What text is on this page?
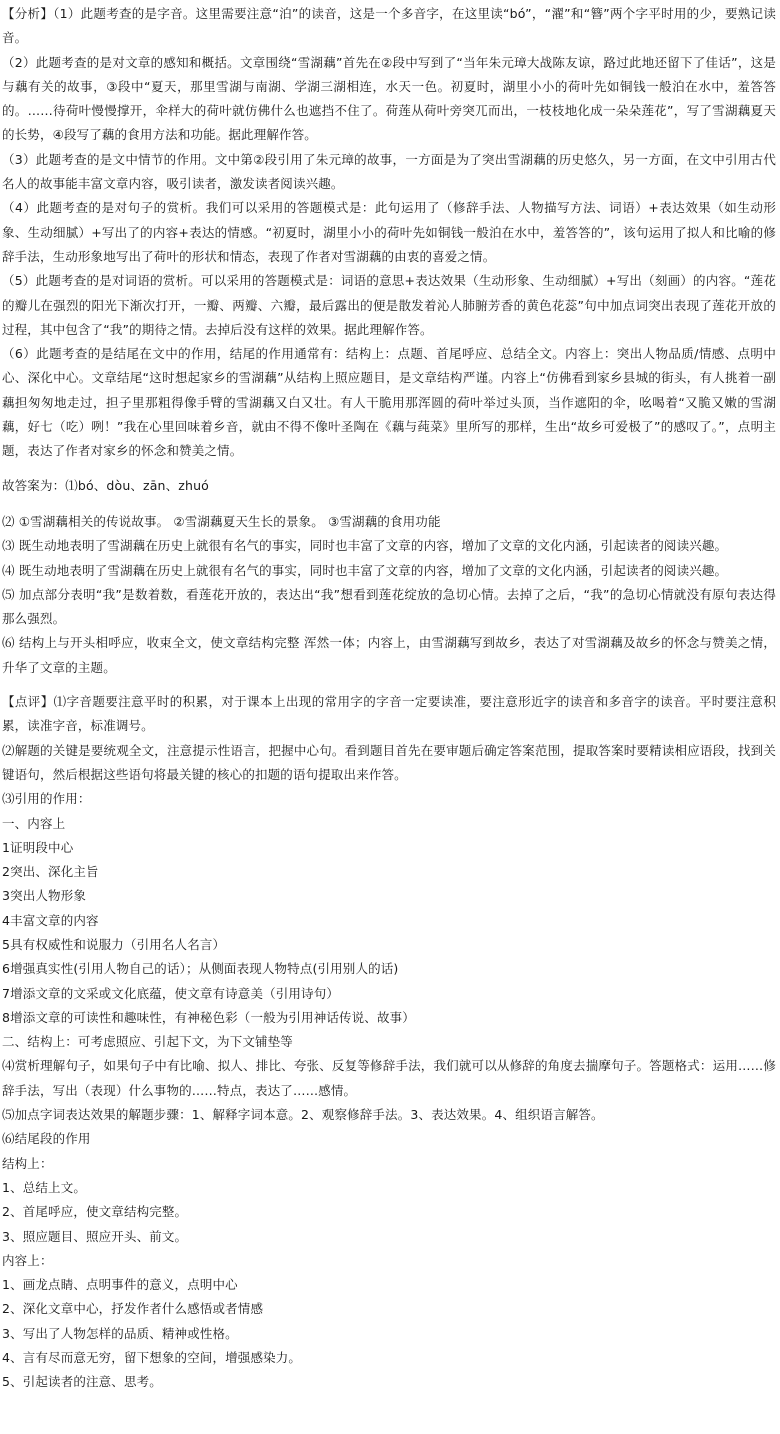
【分析】（1）此题考查的是字音。这里需要注意“泊”的读音，这是一个多音字，在这里读“bó”，“濯”和“簪”两个字平时用的少，要熟记读音。

（2）此题考查的是对文章的感知和概括。文章围绕“雪湖藕”首先在②段中写到了“当年朱元璋大战陈友谅，路过此地还留下了佳话”，这是与藕有关的故事，③段中“夏天，那里雪湖与南湖、学湖三湖相连，水天一色。初夏时，湖里小小的荷叶先如铜钱一般泊在水中，羞答答的。……待荷叶慢慢撑开，伞样大的荷叶就仿佛什么也遮挡不住了。荷莲从荷叶旁突兀而出，一枝枝地化成一朵朵莲花”，写了雪湖藕夏天的长势，④段写了藕的食用方法和功能。据此理解作答。

（3）此题考查的是文中情节的作用。文中第②段引用了朱元璋的故事，一方面是为了突出雪湖藕的历史悠久，另一方面，在文中引用古代名人的故事能丰富文章内容，吸引读者，激发读者阅读兴趣。

（4）此题考查的是对句子的赏析。我们可以采用的答题模式是：此句运用了（修辞手法、人物描写方法、词语）+表达效果（如生动形象、生动细腻）+写出了的内容+表达的情感。“初夏时，湖里小小的荷叶先如铜钱一般泊在水中，羞答答的”，该句运用了拟人和比喻的修辞手法，生动形象地写出了荷叶的形状和情态，表现了作者对雪湖藕的由衷的喜爱之情。

（5）此题考查的是对词语的赏析。可以采用的答题模式是：词语的意思+表达效果（生动形象、生动细腻）+写出（刻画）的内容。“莲花的瓣儿在强烈的阳光下渐次打开，一瓣、两瓣、六瓣，最后露出的便是散发着沁人肺腑芳香的黄色花蕊”句中加点词突出表现了莲花开放的过程，其中包含了“我”的期待之情。去掉后没有这样的效果。据此理解作答。

（6）此题考查的是结尾在文中的作用，结尾的作用通常有：结构上：点题、首尾呼应、总结全文。内容上：突出人物品质/情感、点明中心、深化中心。文章结尾“这时想起家乡的雪湖藕”从结构上照应题目，是文章结构严谨。内容上“仿佛看到家乡县城的街头，有人挑着一副藕担匆匆地走过，担子里那粗得像手臂的雪湖藕又白又壮。有人干脆用那浑圆的荷叶举过头顶，当作遮阳的伞，吆喝着“又脆又嫩的雪湖藕，好七（吃）咧！”我在心里回味着乡音，就由不得不像叶圣陶在《藕与莼菜》里所写的那样，生出“故乡可爱极了”的感叹了。”，点明主题，表达了作者对家乡的怀念和赞美之情。

故答案为：⑴bó、dòu、zān、zhuó

⑵ ①雪湖藕相关的传说故事。 ②雪湖藕夏天生长的景象。 ③雪湖藕的食用功能

⑶ 既生动地表明了雪湖藕在历史上就很有名气的事实，同时也丰富了文章的内容，增加了文章的文化内涵，引起读者的阅读兴趣。

⑷ 既生动地表明了雪湖藕在历史上就很有名气的事实，同时也丰富了文章的内容，增加了文章的文化内涵，引起读者的阅读兴趣。

⑸ 加点部分表明“我”是数着数，看莲花开放的，表达出“我”想看到莲花绽放的急切心情。去掉了之后，“我”的急切心情就没有原句表达得那么强烈。

⑹ 结构上与开头相呼应，收束全文，使文章结构完整 浑然一体；内容上，由雪湖藕写到故乡，表达了对雪湖藕及故乡的怀念与赞美之情，升华了文章的主题。

【点评】⑴字音题要注意平时的积累，对于课本上出现的常用字的字音一定要读准，要注意形近字的读音和多音字的读音。平时要注意积累，读准字音，标准调号。

⑵解题的关键是要统观全文，注意提示性语言，把握中心句。看到题目首先在要审题后确定答案范围，提取答案时要精读相应语段，找到关键语句，然后根据这些语句将最关键的核心的扣题的语句提取出来作答。

⑶引用的作用：

一、内容上

1证明段中心

2突出、深化主旨

3突出人物形象

4丰富文章的内容

5具有权威性和说服力（引用名人名言）

6增强真实性(引用人物自己的话）；从侧面表现人物特点(引用别人的话)

7增添文章的文采或文化底蕴，使文章有诗意美（引用诗句）

8增添文章的可读性和趣味性，有神秘色彩（一般为引用神话传说、故事）

二、结构上：可考虑照应、引起下文，为下文铺垫等

⑷赏析理解句子，如果句子中有比喻、拟人、排比、夸张、反复等修辞手法，我们就可以从修辞的角度去揣摩句子。答题格式：运用……修辞手法，写出（表现）什么事物的……特点，表达了……感情。

⑸加点字词表达效果的解题步骤：1、解释字词本意。2、观察修辞手法。3、表达效果。4、组织语言解答。

⑹结尾段的作用

结构上：

1、总结上文。

2、首尾呼应，使文章结构完整。

3、照应题目、照应开头、前文。

内容上：

1、画龙点睛、点明事件的意义，点明中心

2、深化文章中心，抒发作者什么感悟或者情感

3、写出了人物怎样的品质、精神或性格。

4、言有尽而意无穷，留下想象的空间，增强感染力。

5、引起读者的注意、思考。
